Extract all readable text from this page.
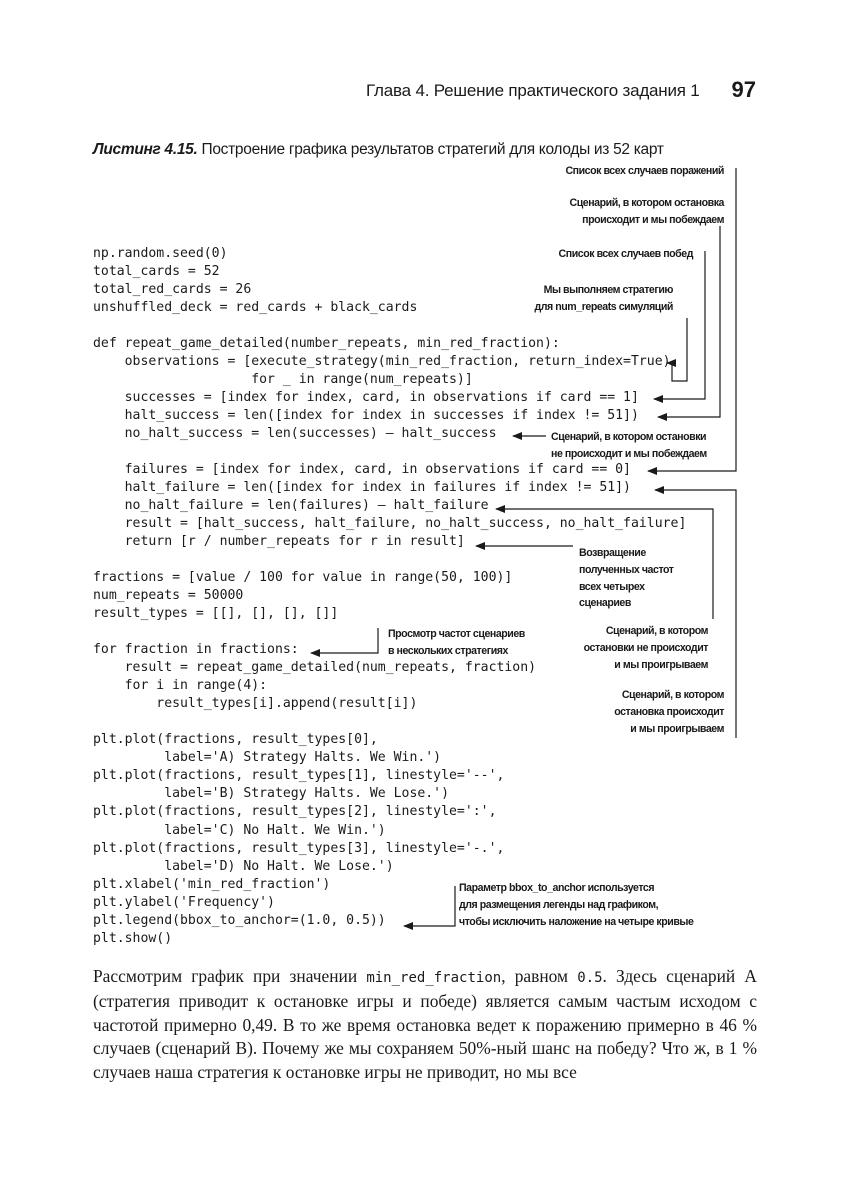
Глава 4. Решение практического задания 1 97
Листинг 4.15. Построение графика результатов стратегий для колоды из 52 карт
np.random.seed(0)
total_cards = 52
total_red_cards = 26
unshuffled_deck = red_cards + black_cards

def repeat_game_detailed(number_repeats, min_red_fraction):
observations = [execute_strategy(min_red_fraction, return_index=True)
for _ in range(num_repeats)]
successes = [index for index, card, in observations if card == 1]
halt_success = len([index for index in successes if index != 51])
no_halt_success = len(successes) – halt_success

failures = [index for index, card, in observations if card == 0]
halt_failure = len([index for index in failures if index != 51])
no_halt_failure = len(failures) – halt_failure
result = [halt_success, halt_failure, no_halt_success, no_halt_failure]
return [r / number_repeats for r in result]

fractions = [value / 100 for value in range(50, 100)]
num_repeats = 50000
result_types = [[], [], [], []]

for fraction in fractions:
result = repeat_game_detailed(num_repeats, fraction)
for i in range(4):
result_types[i].append(result[i])

plt.plot(fractions, result_types[0],
label='A) Strategy Halts. We Win.')
plt.plot(fractions, result_types[1], linestyle='--',
label='B) Strategy Halts. We Lose.')
plt.plot(fractions, result_types[2], linestyle=':',
label='C) No Halt. We Win.')
plt.plot(fractions, result_types[3], linestyle='-.',
label='D) No Halt. We Lose.')
plt.xlabel('min_red_fraction')
plt.ylabel('Frequency')
plt.legend(bbox_to_anchor=(1.0, 0.5))
plt.show()
Список всех случаев поражений
Сценарий, в котором остановка
происходит и мы побеждаем
Список всех случаев побед
Мы выполняем стратегию
для num_repeats симуляций
Сценарий, в котором остановки
не происходит и мы побеждаем
Возвращение
полученных частот
всех четырех
сценариев
Просмотр частот сценариев
в нескольких стратегиях
Сценарий, в котором
остановки не происходит
и мы проигрываем
Сценарий, в котором
остановка происходит
и мы проигрываем
Параметр bbox_to_anchor используется
для размещения легенды над графиком,
чтобы исключить наложение на четыре кривые

Рассмотрим график при значении min_red_fraction, равном 0.5. Здесь сценарий А (стратегия приводит к остановке игры и победе) является самым частым исходом с частотой примерно 0,49. В то же время остановка ведет к поражению примерно в 46 % случаев (сценарий B). Почему же мы сохраняем 50%-ный шанс на победу? Что ж, в 1 % случаев наша стратегия к остановке игры не приводит, но мы все
